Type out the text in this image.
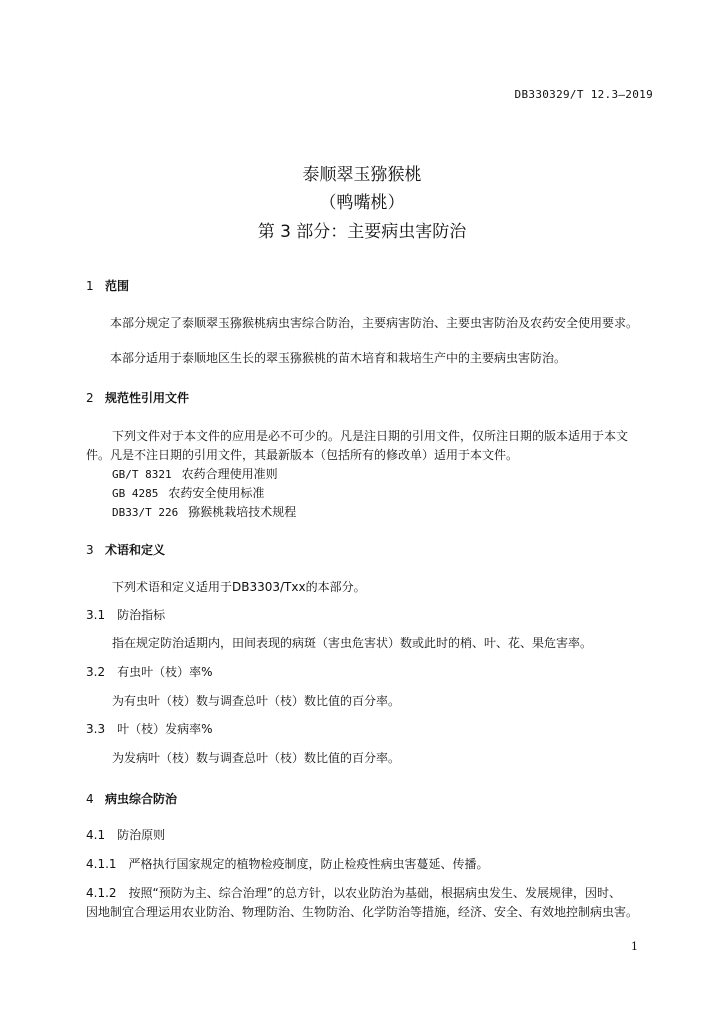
DB330329/T 12.3—2019
泰顺翠玉猕猴桃
（鸭嘴桃）
第 3 部分：主要病虫害防治
1 范围
本部分规定了泰顺翠玉猕猴桃病虫害综合防治，主要病害防治、主要虫害防治及农药安全使用要求。
本部分适用于泰顺地区生长的翠玉猕猴桃的苗木培育和栽培生产中的主要病虫害防治。
2 规范性引用文件
下列文件对于本文件的应用是必不可少的。凡是注日期的引用文件，仅所注日期的版本适用于本文
件。凡是不注日期的引用文件，其最新版本（包括所有的修改单）适用于本文件。
GB/T 8321 农药合理使用准则
GB 4285 农药安全使用标准
DB33/T 226 猕猴桃栽培技术规程
3 术语和定义
下列术语和定义适用于DB3303/Txx的本部分。
3.1 防治指标
指在规定防治适期内，田间表现的病斑（害虫危害状）数或此时的梢、叶、花、果危害率。
3.2 有虫叶（枝）率%
为有虫叶（枝）数与调查总叶（枝）数比值的百分率。
3.3 叶（枝）发病率%
为发病叶（枝）数与调查总叶（枝）数比值的百分率。
4 病虫综合防治
4.1 防治原则
4.1.1 严格执行国家规定的植物检疫制度，防止检疫性病虫害蔓延、传播。
4.1.2 按照“预防为主、综合治理”的总方针，以农业防治为基础，根据病虫发生、发展规律，因时、
因地制宜合理运用农业防治、物理防治、生物防治、化学防治等措施，经济、安全、有效地控制病虫害。
1
